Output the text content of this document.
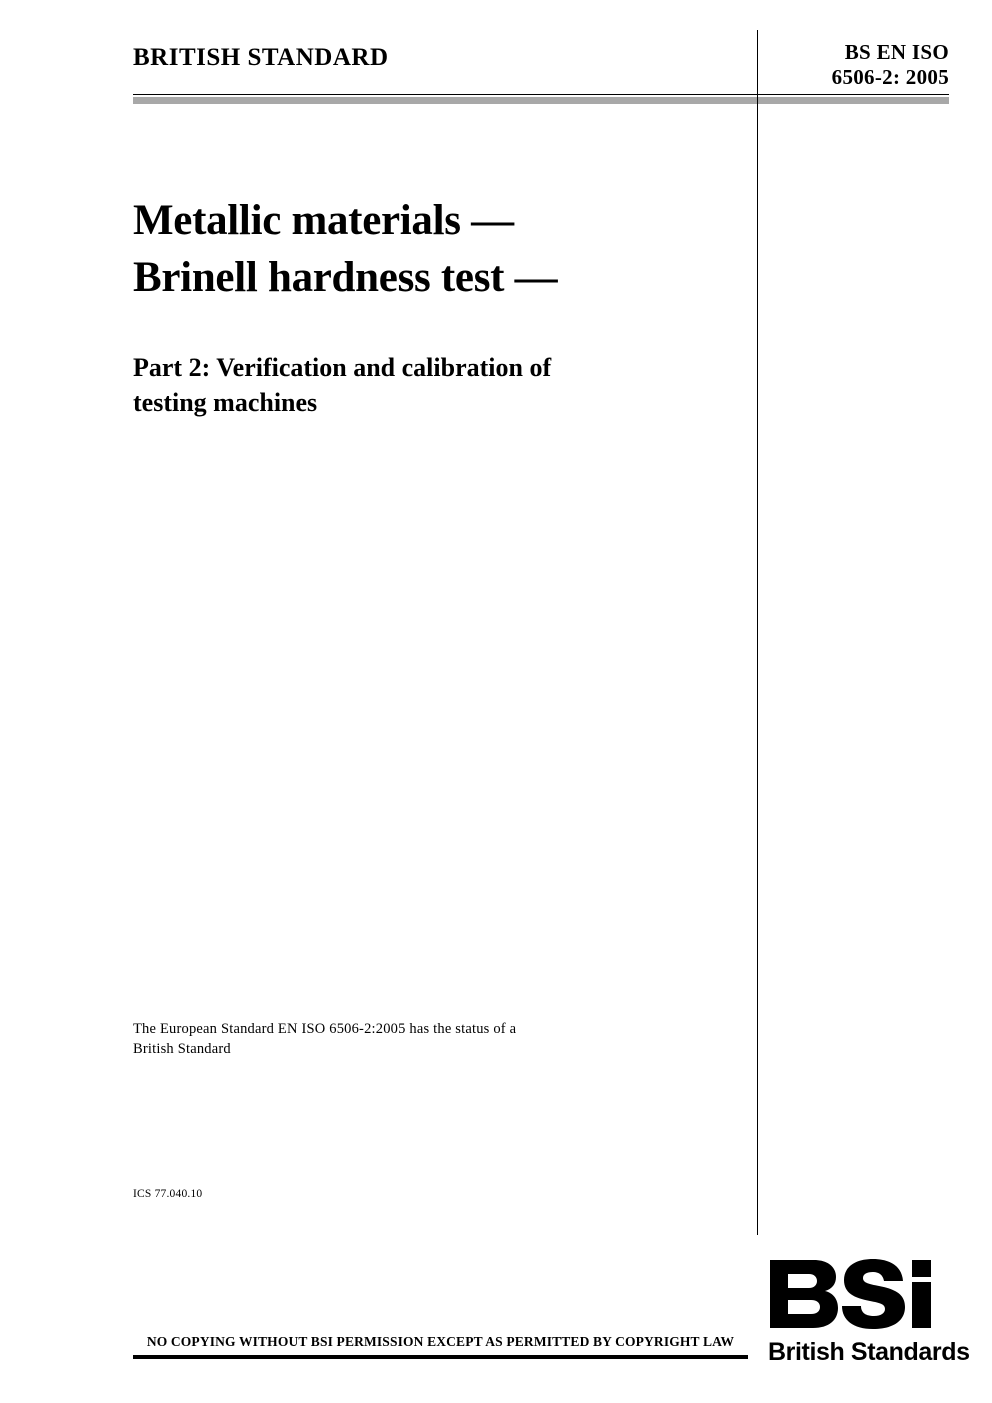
BRITISH STANDARD	BS EN ISO
6506-2: 2005
Metallic materials —
Brinell hardness test —
Part 2: Verification and calibration of
testing machines
The European Standard EN ISO 6506-2:2005 has the status of a
British Standard
ICS 77.040.10
NO COPYING WITHOUT BSI PERMISSION EXCEPT AS PERMITTED BY COPYRIGHT LAW	British Standards
